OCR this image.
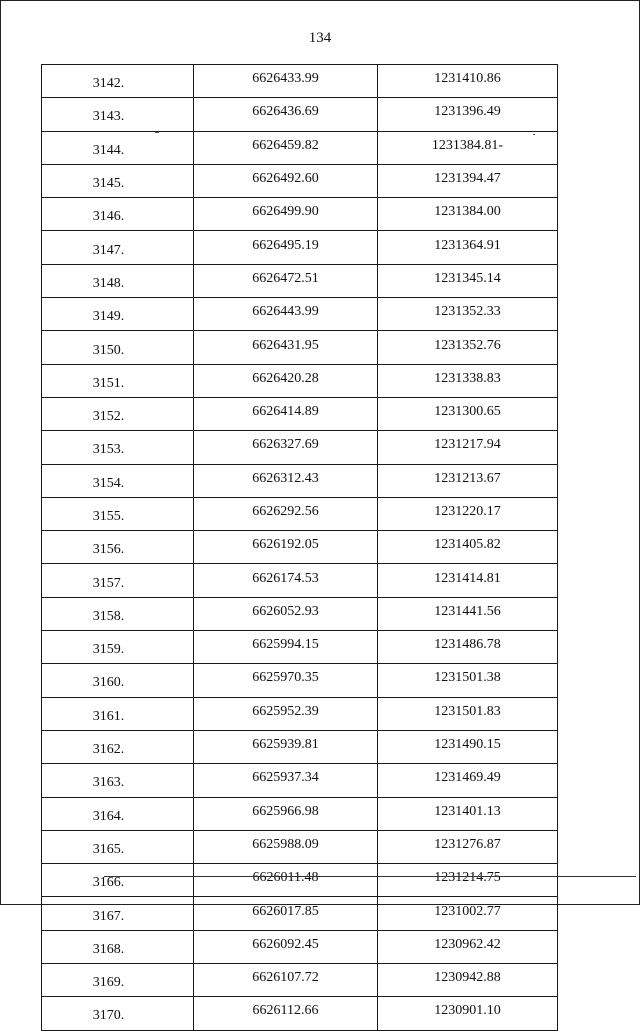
134
3142.	6626433.99	1231410.86
3143.	6626436.69	1231396.49
3144.	6626459.82	1231384.81-
3145.	6626492.60	1231394.47
3146.	6626499.90	1231384.00
3147.	6626495.19	1231364.91
3148.	6626472.51	1231345.14
3149.	6626443.99	1231352.33
3150.	6626431.95	1231352.76
3151.	6626420.28	1231338.83
3152.	6626414.89	1231300.65
3153.	6626327.69	1231217.94
3154.	6626312.43	1231213.67
3155.	6626292.56	1231220.17
3156.	6626192.05	1231405.82
3157.	6626174.53	1231414.81
3158.	6626052.93	1231441.56
3159.	6625994.15	1231486.78
3160.	6625970.35	1231501.38
3161.	6625952.39	1231501.83
3162.	6625939.81	1231490.15
3163.	6625937.34	1231469.49
3164.	6625966.98	1231401.13
3165.	6625988.09	1231276.87
3166.	6626011.48	1231214.75
3167.	6626017.85	1231002.77
3168.	6626092.45	1230962.42
3169.	6626107.72	1230942.88
3170.	6626112.66	1230901.10
